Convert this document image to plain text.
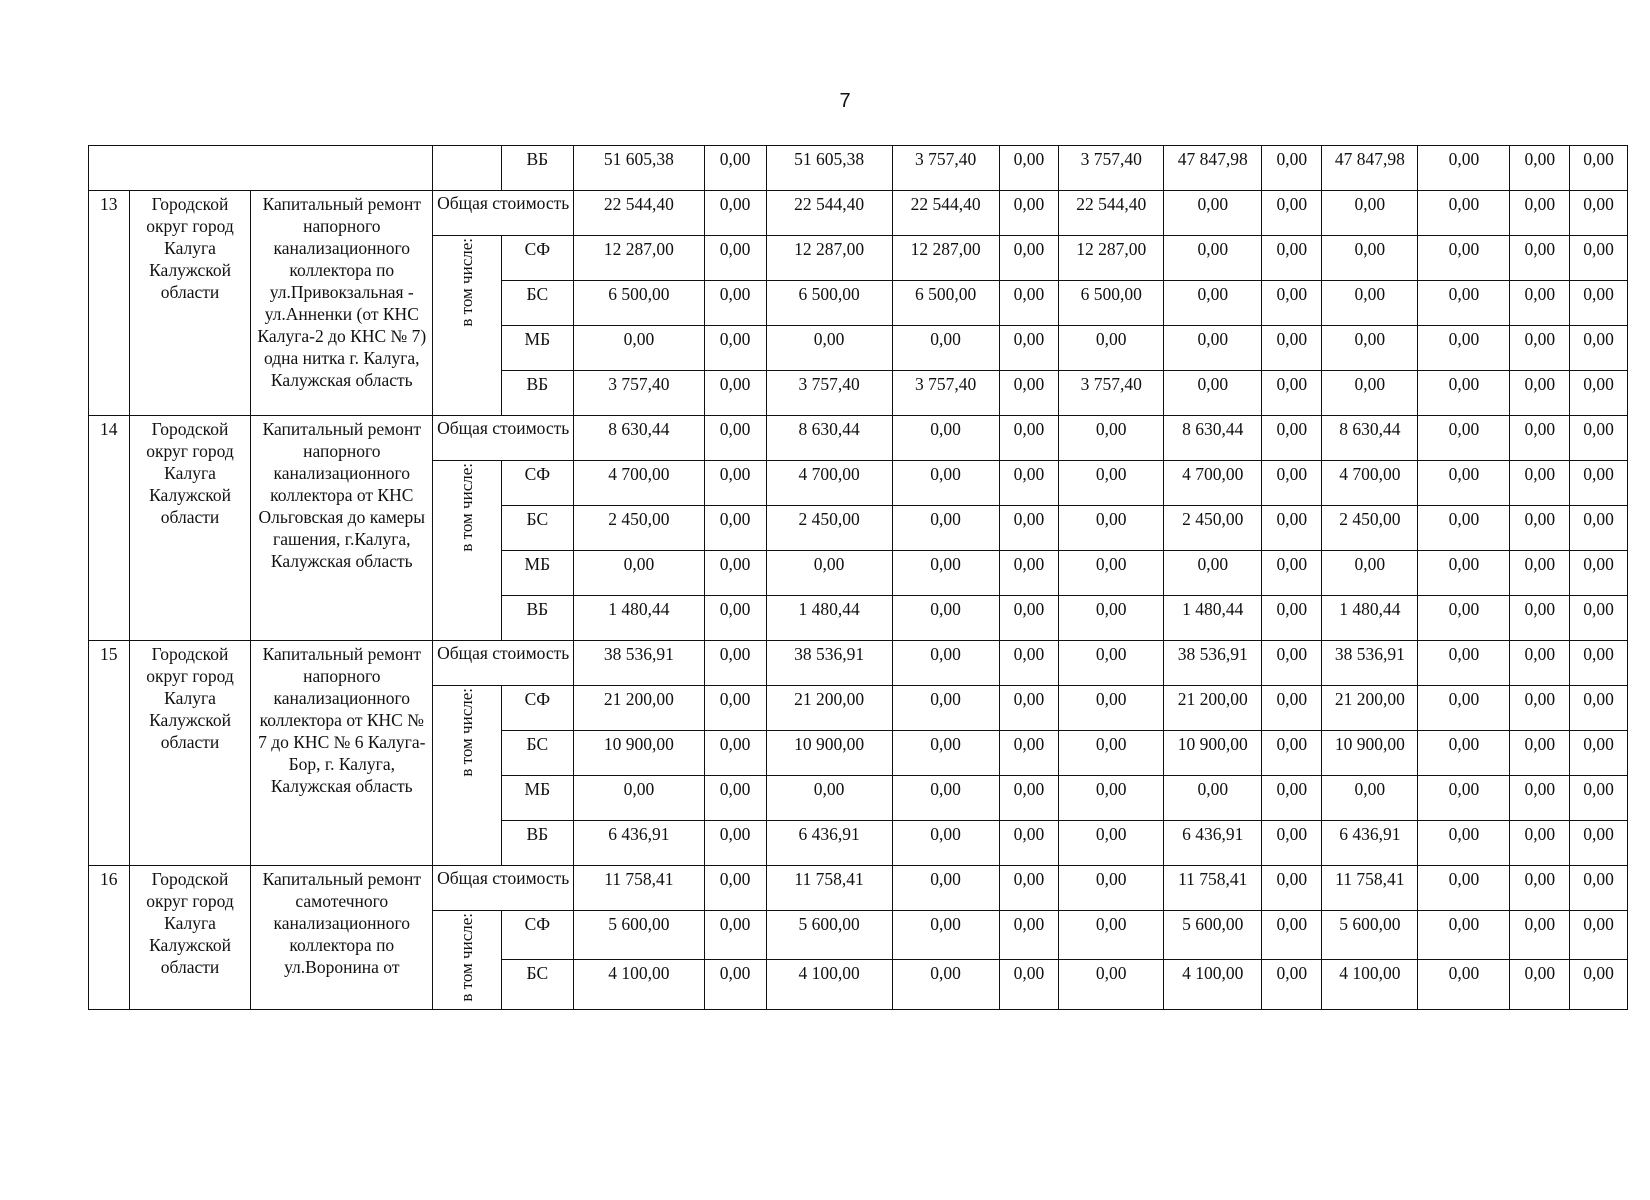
7
				ВБ	51 605,38	0,00	51 605,38	3 757,40	0,00	3 757,40	47 847,98	0,00	47 847,98	0,00	0,00	0,00
13	Городской округ город Калуга Калужской области	Капитальный ремонт напорного канализационного коллектора по ул.Привокзальная - ул.Анненки (от КНС Калуга-2 до КНС № 7) одна нитка г. Калуга, Калужская область	Общая стоимость		22 544,40	0,00	22 544,40	22 544,40	0,00	22 544,40	0,00	0,00	0,00	0,00	0,00	0,00
			в том числе:	СФ	12 287,00	0,00	12 287,00	12 287,00	0,00	12 287,00	0,00	0,00	0,00	0,00	0,00	0,00
				БС	6 500,00	0,00	6 500,00	6 500,00	0,00	6 500,00	0,00	0,00	0,00	0,00	0,00	0,00
				МБ	0,00	0,00	0,00	0,00	0,00	0,00	0,00	0,00	0,00	0,00	0,00	0,00
				ВБ	3 757,40	0,00	3 757,40	3 757,40	0,00	3 757,40	0,00	0,00	0,00	0,00	0,00	0,00
14	Городской округ город Калуга Калужской области	Капитальный ремонт напорного канализационного коллектора от КНС Ольговская до камеры гашения, г.Калуга, Калужская область	Общая стоимость		8 630,44	0,00	8 630,44	0,00	0,00	0,00	8 630,44	0,00	8 630,44	0,00	0,00	0,00
			в том числе:	СФ	4 700,00	0,00	4 700,00	0,00	0,00	0,00	4 700,00	0,00	4 700,00	0,00	0,00	0,00
				БС	2 450,00	0,00	2 450,00	0,00	0,00	0,00	2 450,00	0,00	2 450,00	0,00	0,00	0,00
				МБ	0,00	0,00	0,00	0,00	0,00	0,00	0,00	0,00	0,00	0,00	0,00	0,00
				ВБ	1 480,44	0,00	1 480,44	0,00	0,00	0,00	1 480,44	0,00	1 480,44	0,00	0,00	0,00
15	Городской округ город Калуга Калужской области	Капитальный ремонт напорного канализационного коллектора от КНС № 7 до КНС № 6 Калуга-Бор, г. Калуга, Калужская область	Общая стоимость		38 536,91	0,00	38 536,91	0,00	0,00	0,00	38 536,91	0,00	38 536,91	0,00	0,00	0,00
			в том числе:	СФ	21 200,00	0,00	21 200,00	0,00	0,00	0,00	21 200,00	0,00	21 200,00	0,00	0,00	0,00
				БС	10 900,00	0,00	10 900,00	0,00	0,00	0,00	10 900,00	0,00	10 900,00	0,00	0,00	0,00
				МБ	0,00	0,00	0,00	0,00	0,00	0,00	0,00	0,00	0,00	0,00	0,00	0,00
				ВБ	6 436,91	0,00	6 436,91	0,00	0,00	0,00	6 436,91	0,00	6 436,91	0,00	0,00	0,00
16	Городской округ город Калуга Калужской области	Капитальный ремонт самотечного канализационного коллектора по ул.Воронина от	Общая стоимость		11 758,41	0,00	11 758,41	0,00	0,00	0,00	11 758,41	0,00	11 758,41	0,00	0,00	0,00
			в том числе:	СФ	5 600,00	0,00	5 600,00	0,00	0,00	0,00	5 600,00	0,00	5 600,00	0,00	0,00	0,00
				БС	4 100,00	0,00	4 100,00	0,00	0,00	0,00	4 100,00	0,00	4 100,00	0,00	0,00	0,00
